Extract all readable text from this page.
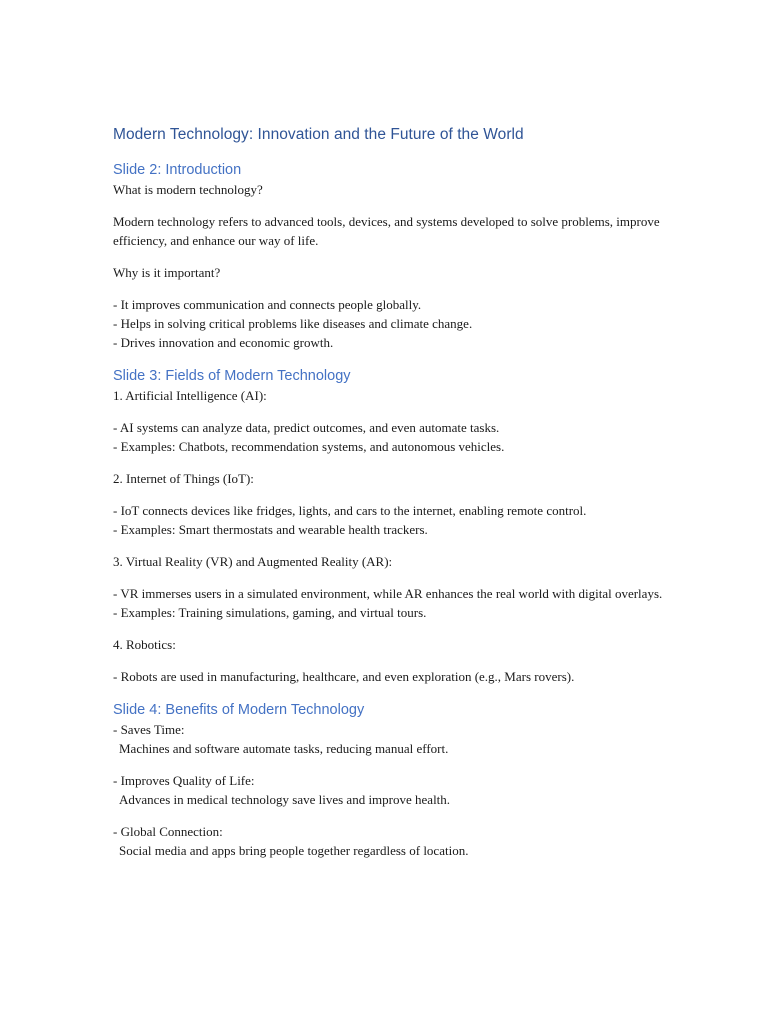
Modern Technology: Innovation and the Future of the World
Slide 2: Introduction

What is modern technology?

Modern technology refers to advanced tools, devices, and systems developed to solve problems, improve efficiency, and enhance our way of life.

Why is it important?

- It improves communication and connects people globally.
- Helps in solving critical problems like diseases and climate change.
- Drives innovation and economic growth.

Slide 3: Fields of Modern Technology

1. Artificial Intelligence (AI):

- AI systems can analyze data, predict outcomes, and even automate tasks.
- Examples: Chatbots, recommendation systems, and autonomous vehicles.

2. Internet of Things (IoT):

- IoT connects devices like fridges, lights, and cars to the internet, enabling remote control.
- Examples: Smart thermostats and wearable health trackers.

3. Virtual Reality (VR) and Augmented Reality (AR):

- VR immerses users in a simulated environment, while AR enhances the real world with digital overlays.
- Examples: Training simulations, gaming, and virtual tours.

4. Robotics:

- Robots are used in manufacturing, healthcare, and even exploration (e.g., Mars rovers).

Slide 4: Benefits of Modern Technology

- Saves Time:
Machines and software automate tasks, reducing manual effort.

- Improves Quality of Life:
Advances in medical technology save lives and improve health.

- Global Connection:
Social media and apps bring people together regardless of location.
